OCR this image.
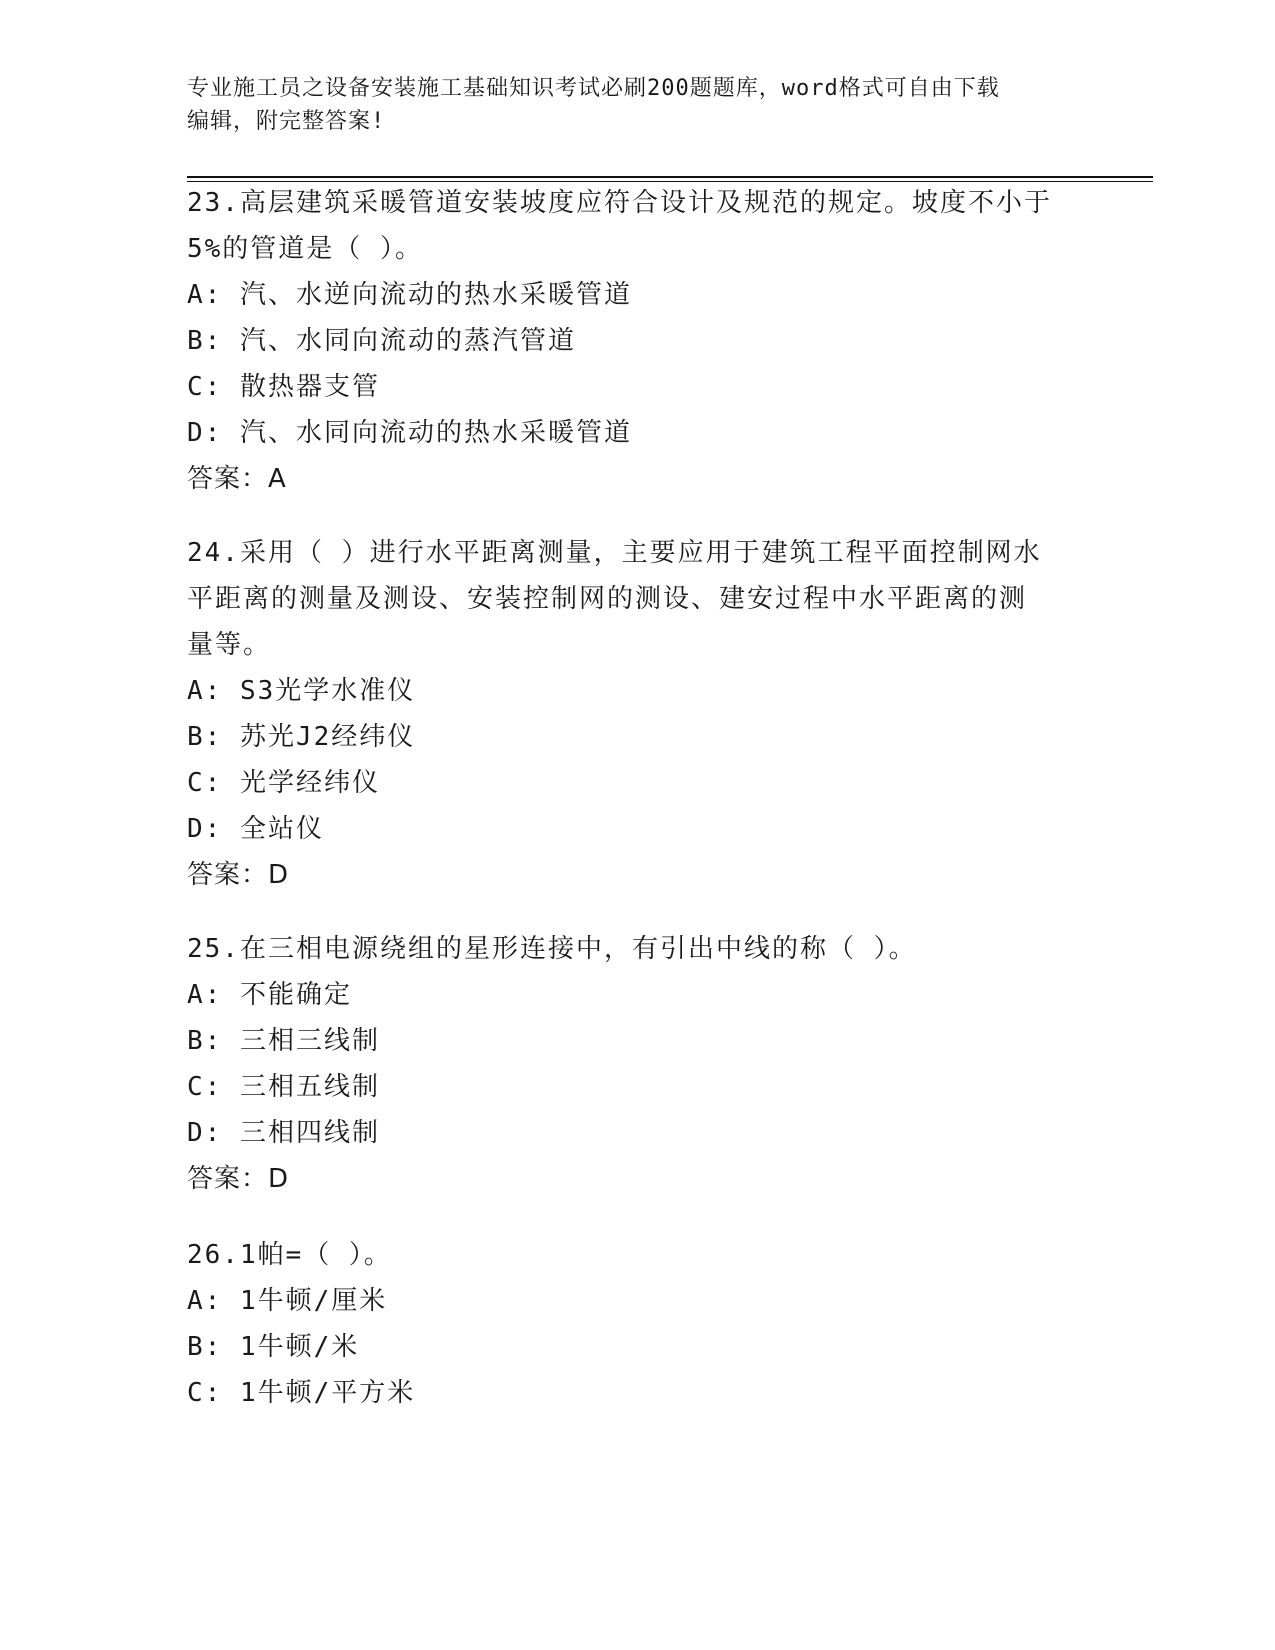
专业施工员之设备安装施工基础知识考试必刷200题题库，word格式可自由下载
编辑，附完整答案!
23.高层建筑采暖管道安装坡度应符合设计及规范的规定。坡度不小于
5%的管道是（ ）。
A: 汽、水逆向流动的热水采暖管道
B: 汽、水同向流动的蒸汽管道
C: 散热器支管
D: 汽、水同向流动的热水采暖管道
答案：A
24.采用（ ）进行水平距离测量，主要应用于建筑工程平面控制网水
平距离的测量及测设、安装控制网的测设、建安过程中水平距离的测
量等。
A: S3光学水准仪
B: 苏光J2经纬仪
C: 光学经纬仪
D: 全站仪
答案：D
25.在三相电源绕组的星形连接中，有引出中线的称（ ）。
A: 不能确定
B: 三相三线制
C: 三相五线制
D: 三相四线制
答案：D
26.1帕=（ ）。
A: 1牛顿/厘米
B: 1牛顿/米
C: 1牛顿/平方米
